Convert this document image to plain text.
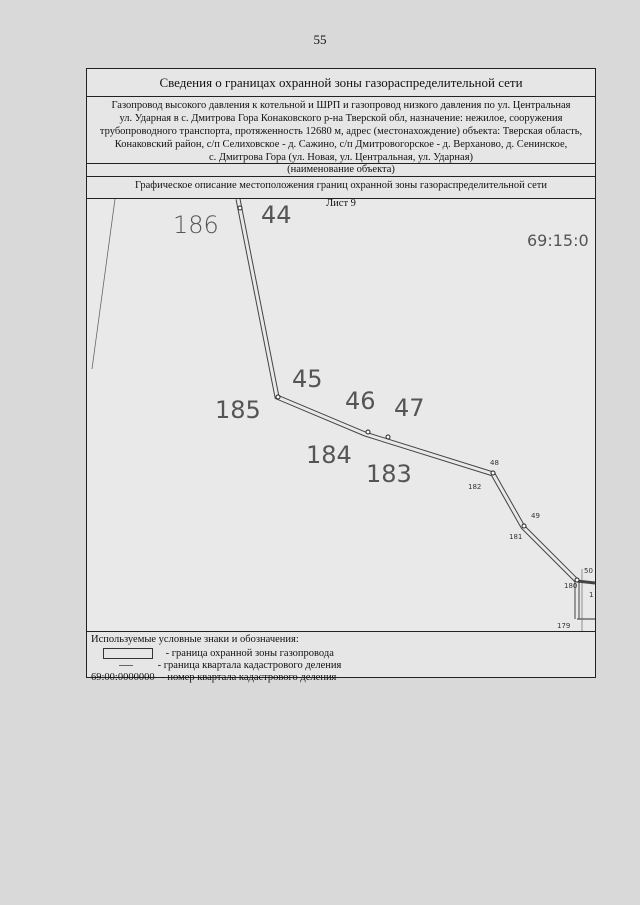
55
Сведения о границах охранной зоны газораспределительной сети
Газопровод высокого давления к котельной и ШРП и газопровод низкого давления по ул. Центральная
ул. Ударная в с. Дмитрова Гора Конаковского р-на Тверской обл, назначение: нежилое, сооружения
трубопроводного транспорта, протяженность 12680 м, адрес (местонахождение) объекта: Тверская область,
Конаковский район, с/п Селиховское - д. Сажино, с/п Дмитровогорское - д. Верханово, д. Сенинское,
с. Дмитрова Гора (ул. Новая, ул. Центральная, ул. Ударная)
(наименование объекта)
Графическое описание местоположения границ охранной зоны газораспределительной сети
Лист 9
186
185
184
183
44
45
46 47
48
182
49
181
50
180
179
1
69:15:0
Используемые условные знаки и обозначения:
- граница охранной зоны газопровода
- граница квартала кадастрового деления
69:00:0000000 - номер квартала кадастрового деления
